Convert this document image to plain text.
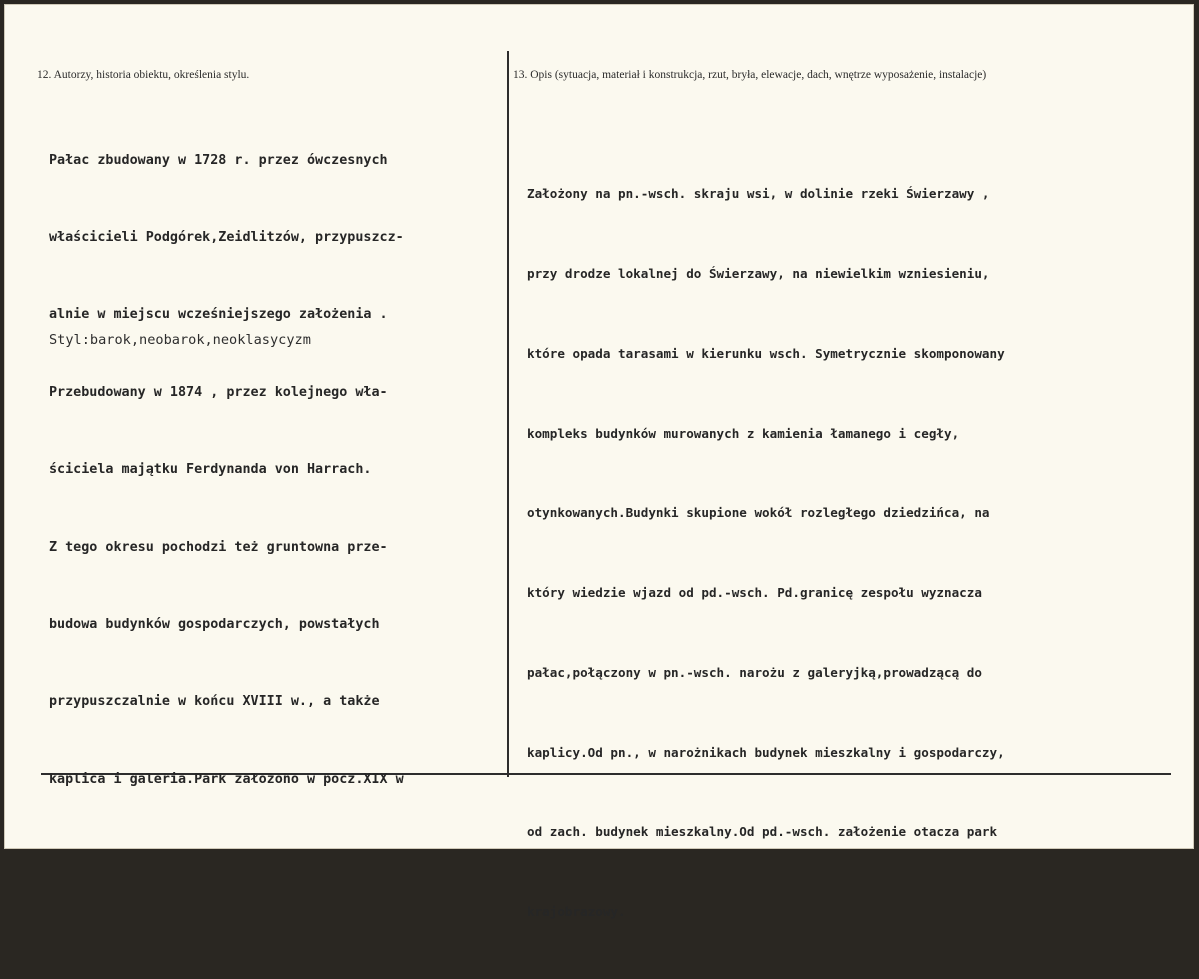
12. Autorzy, historia obiektu, określenia stylu.	13. Opis (sytuacja, materiał i konstrukcja, rzut, bryła, elewacje, dach, wnętrze wyposażenie, instalacje)

Pałac zbudowany w 1728 r. przez ówczesnych

właścicieli Podgórek,Zeidlitzów, przypuszcz-

alnie w miejscu wcześniejszego założenia .

Przebudowany w 1874 , przez kolejnego wła-

ściciela majątku Ferdynanda von Harrach.

Z tego okresu pochodzi też gruntowna prze-

budowa budynków gospodarczych, powstałych

przypuszczalnie w końcu XVIII w., a także

kaplica i galeria.Park założono w pocz.XIX w

Styl:barok,neobarok,neoklasycyzm

Założony na pn.-wsch. skraju wsi, w dolinie rzeki Świerzawy ,

przy drodze lokalnej do Świerzawy, na niewielkim wzniesieniu,

które opada tarasami w kierunku wsch. Symetrycznie skomponowany

kompleks budynków murowanych z kamienia łamanego i cegły,

otynkowanych.Budynki skupione wokół rozległego dziedzińca, na

który wiedzie wjazd od pd.-wsch. Pd.granicę zespołu wyznacza

pałac,połączony w pn.-wsch. narożu z galeryjką,prowadzącą do

kaplicy.Od pn., w narożnikach budynek mieszkalny i gospodarczy,

od zach. budynek mieszkalny.Od pd.-wsch. założenie otacza park

krajobrazowy.
